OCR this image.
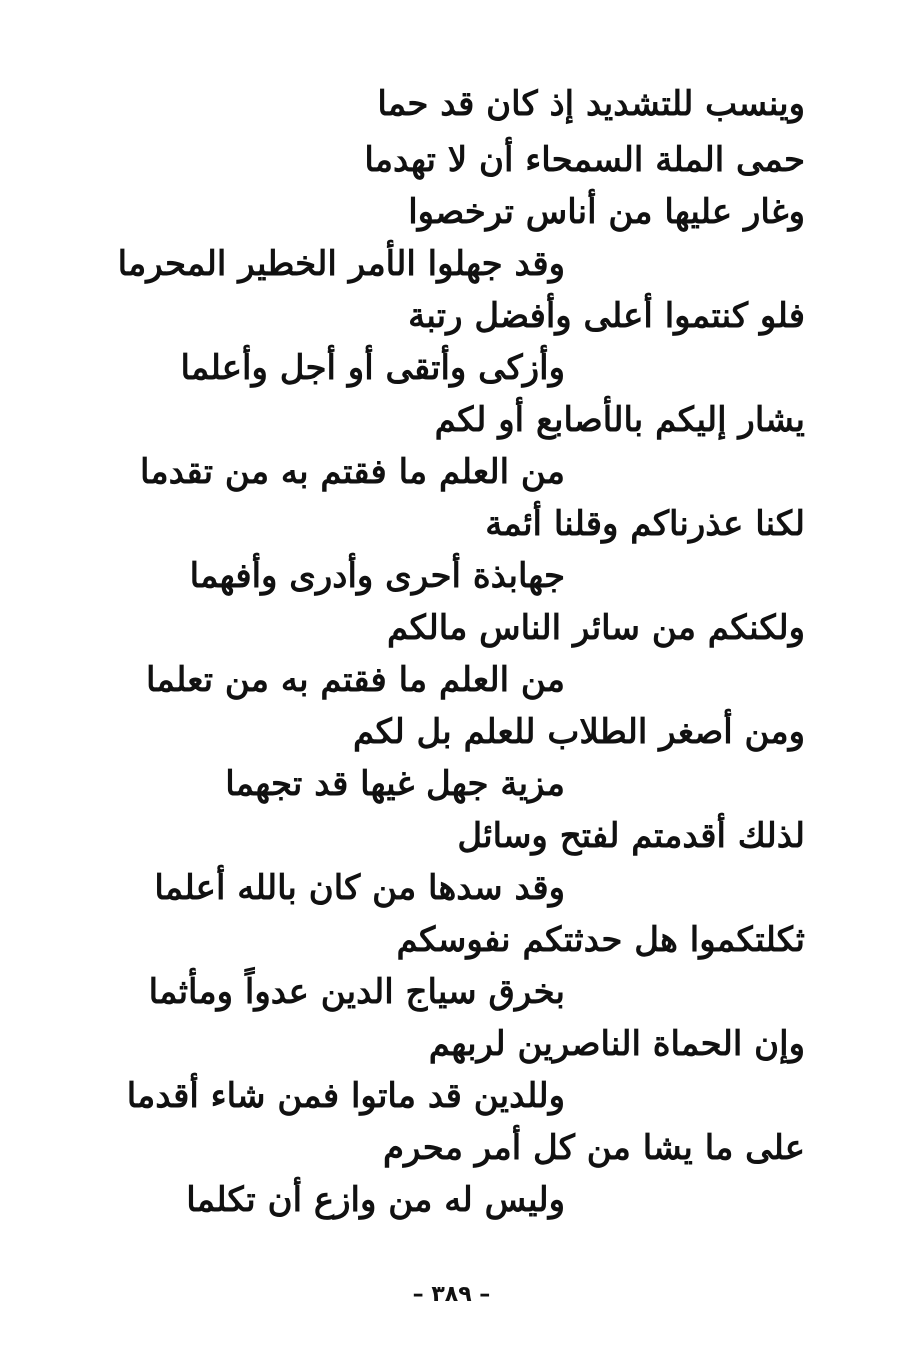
وينسب للتشديد إذ كان قد حما
حمى الملة السمحاء أن لا تهدما
وغار عليها من أناس ترخصوا
وقد جهلوا الأمر الخطير المحرما
فلو كنتموا أعلى وأفضل رتبة
وأزكى وأتقى أو أجل وأعلما
يشار إليكم بالأصابع أو لكم
من العلم ما فقتم به من تقدما
لكنا عذرناكم وقلنا أئمة
جهابذة أحرى وأدرى وأفهما
ولكنكم من سائر الناس مالكم
من العلم ما فقتم به من تعلما
ومن أصغر الطلاب للعلم بل لكم
مزية جهل غيها قد تجهما
لذلك أقدمتم لفتح وسائل
وقد سدها من كان بالله أعلما
ثكلتكموا هل حدثتكم نفوسكم
بخرق سياج الدين عدواً ومأثما
وإن الحماة الناصرين لربهم
وللدين قد ماتوا فمن شاء أقدما
على ما يشا من كل أمر محرم
وليس له من وازع أن تكلما
– ٣٨٩ –
